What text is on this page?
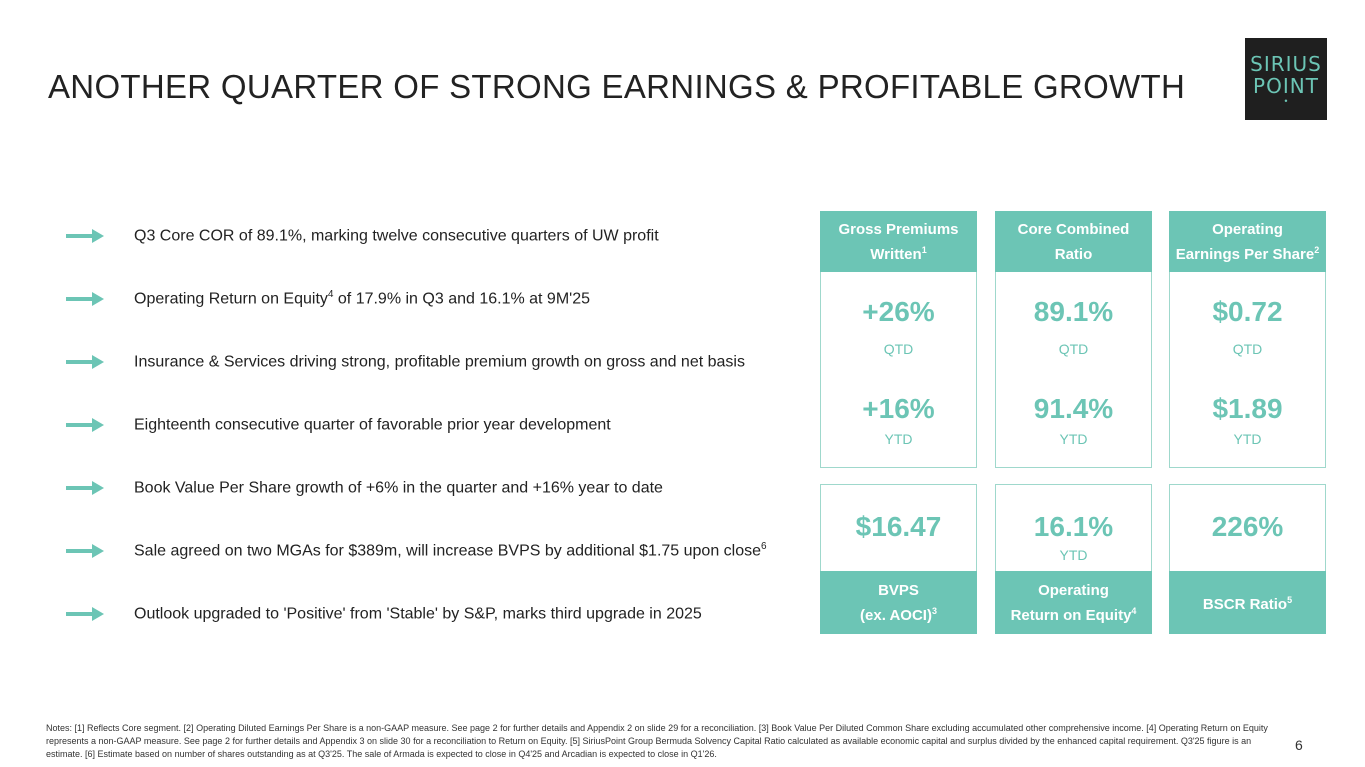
ANOTHER QUARTER OF STRONG EARNINGS & PROFITABLE GROWTH
SIRIUS
POINT
•
Q3 Core COR of 89.1%, marking twelve consecutive quarters of UW profit
Operating Return on Equity$^4$ of 17.9% in Q3 and 16.1% at 9M'25
Insurance & Services driving strong, profitable premium growth on gross and net basis
Eighteenth consecutive quarter of favorable prior year development
Book Value Per Share growth of +6% in the quarter and +16% year to date
Sale agreed on two MGAs for $389m, will increase BVPS by additional $1.75 upon close$^6$
Outlook upgraded to 'Positive' from 'Stable' by S&P, marks third upgrade in 2025
Gross Premiums
Written$^1$
+26%
QTD
+16%
YTD
Core Combined
Ratio
89.1%
QTD
91.4%
YTD
Operating
Earnings Per Share$^2$
$0.72
QTD
$1.89
YTD
$16.47
BVPS
(ex. AOCI)$^3$
16.1%
YTD
Operating
Return on Equity$^4$
226%
BSCR Ratio$^5$
Notes: [1] Reflects Core segment. [2] Operating Diluted Earnings Per Share is a non-GAAP measure. See page 2 for further details and Appendix 2 on slide 29 for a reconciliation. [3] Book Value Per Diluted Common Share excluding accumulated other comprehensive income. [4] Operating Return on Equity represents a non-GAAP measure. See page 2 for further details and Appendix 3 on slide 30 for a reconciliation to Return on Equity. [5] SiriusPoint Group Bermuda Solvency Capital Ratio calculated as available economic capital and surplus divided by the enhanced capital requirement. Q3'25 figure is an estimate. [6] Estimate based on number of shares outstanding as at Q3'25. The sale of Armada is expected to close in Q4'25 and Arcadian is expected to close in Q1'26.
6
